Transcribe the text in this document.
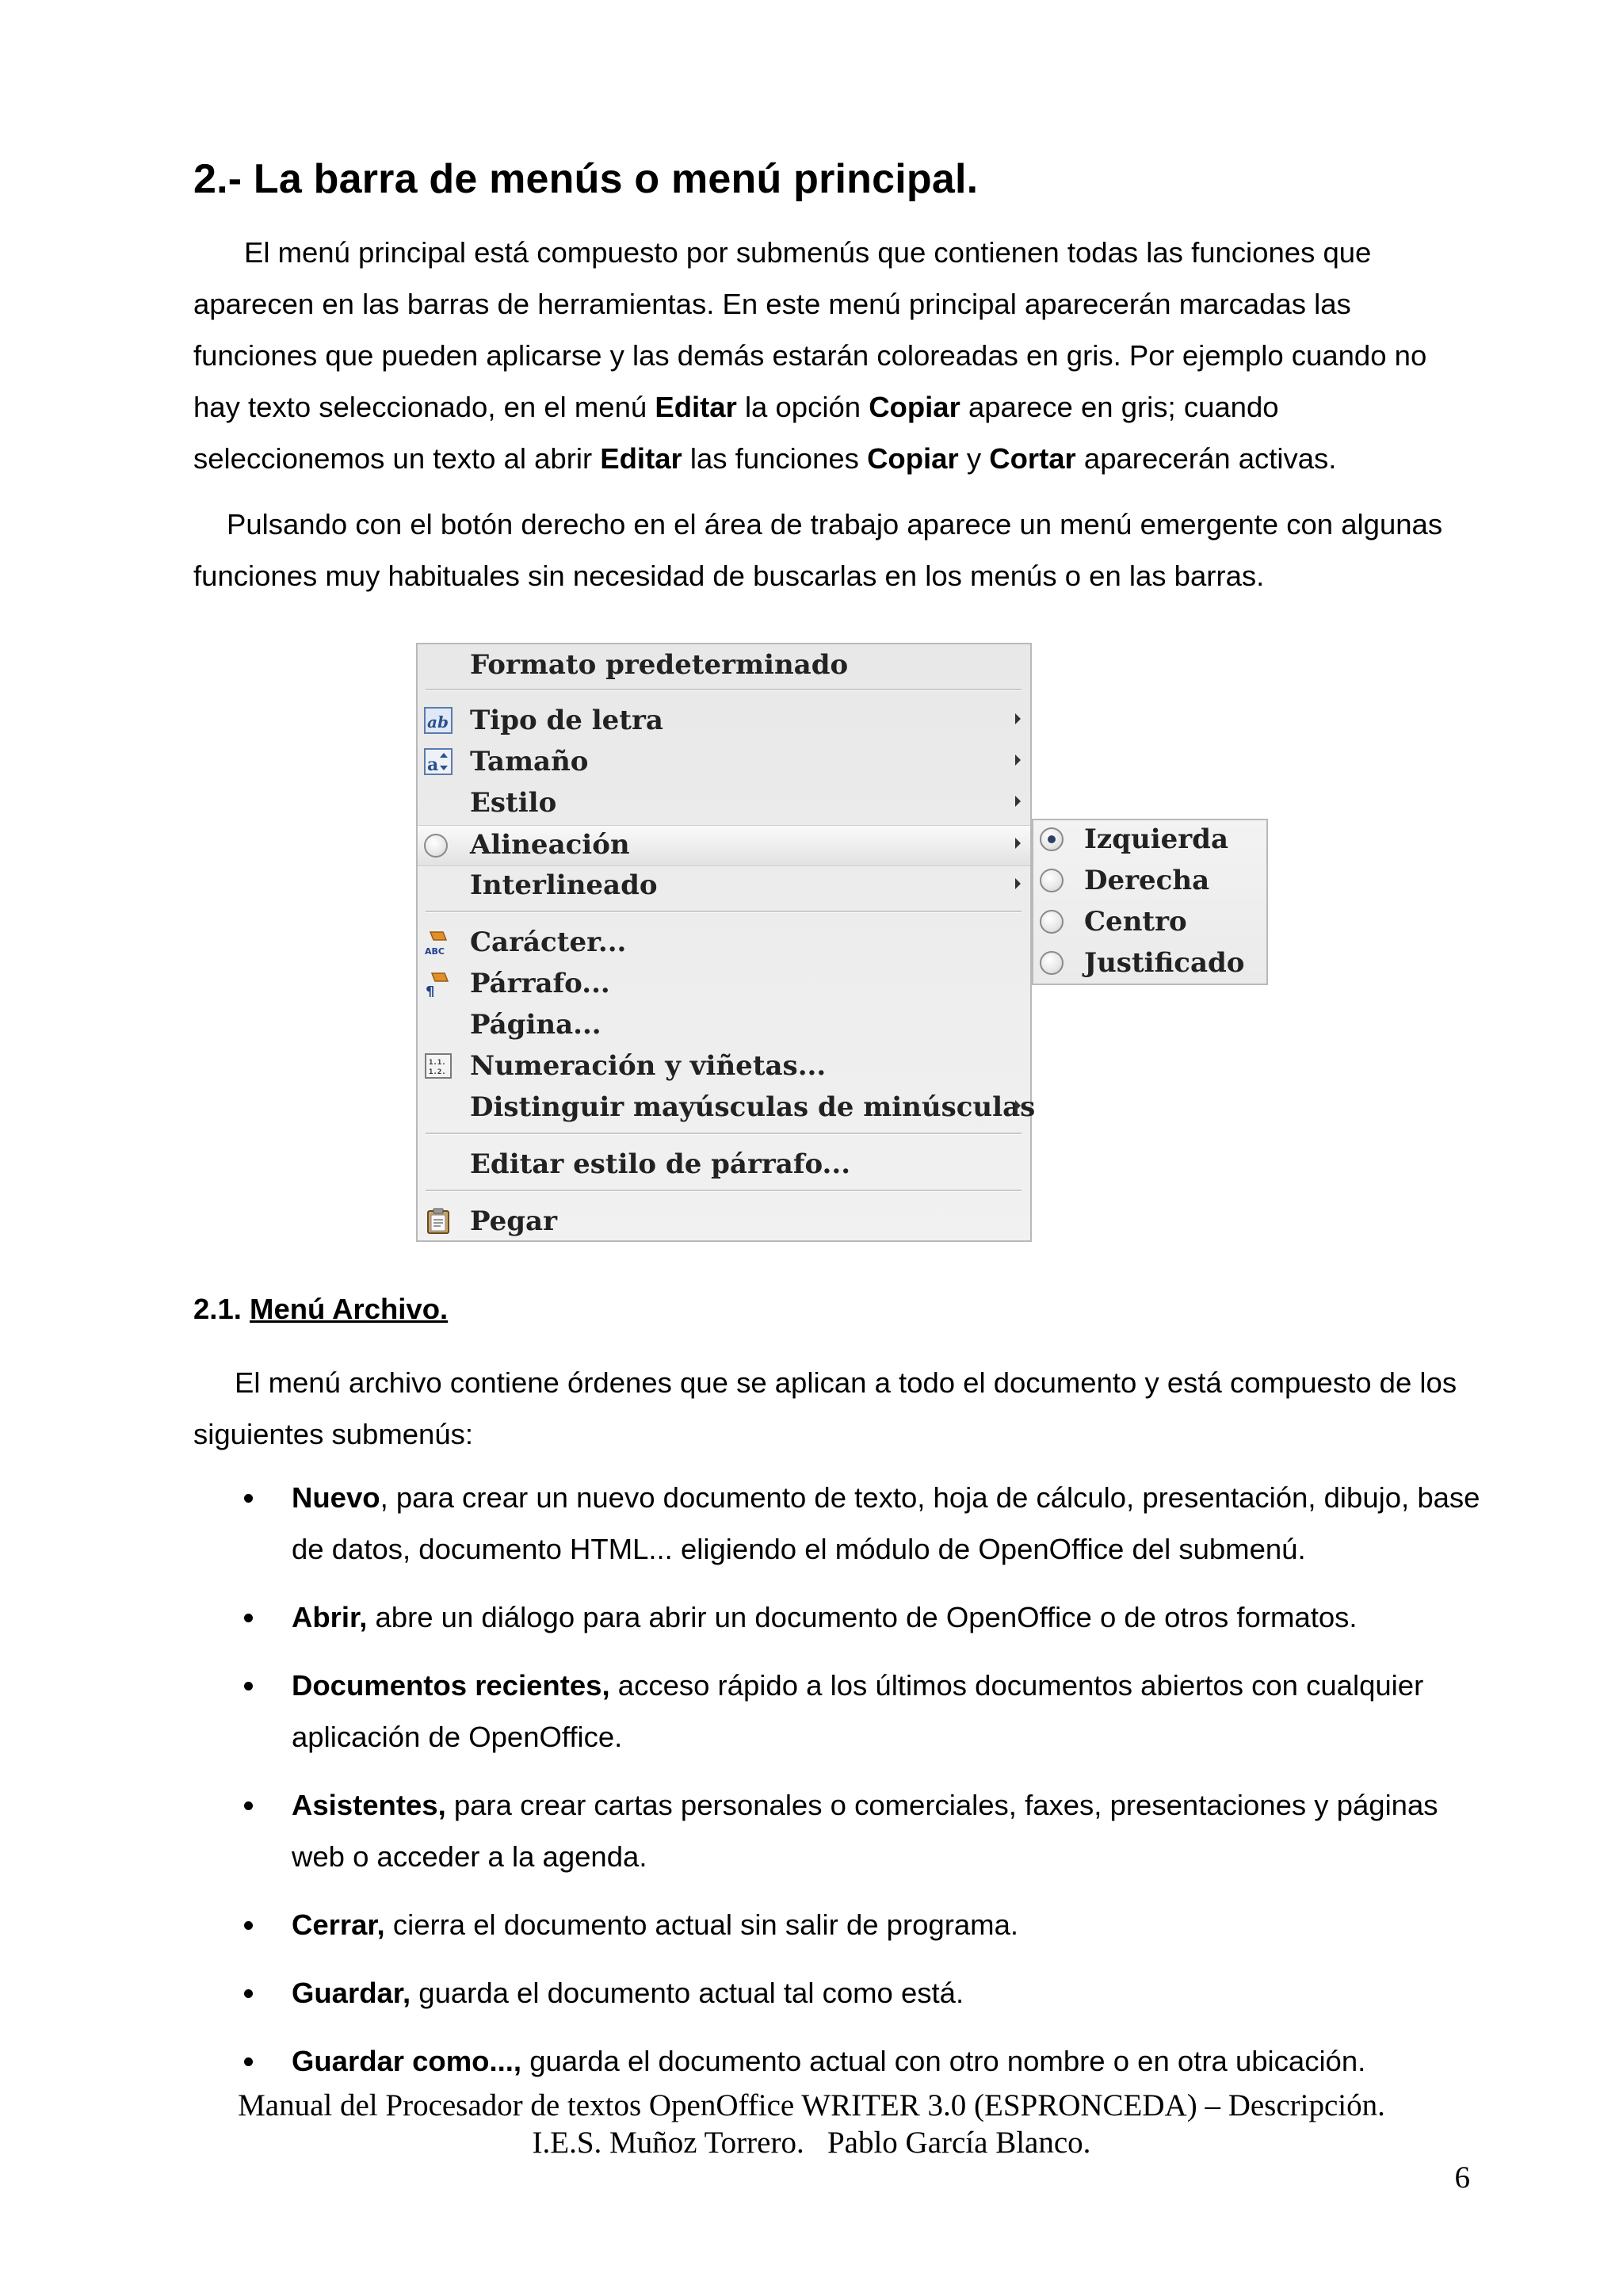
2.- La barra de menús o menú principal.

El menú principal está compuesto por submenús que contienen todas las funciones que aparecen en las barras de herramientas. En este menú principal aparecerán marcadas las funciones que pueden aplicarse y las demás estarán coloreadas en gris. Por ejemplo cuando no hay texto seleccionado, en el menú Editar la opción Copiar aparece en gris; cuando seleccionemos un texto al abrir Editar las funciones Copiar y Cortar aparecerán activas.

Pulsando con el botón derecho en el área de trabajo aparece un menú emergente con algunas funciones muy habituales sin necesidad de buscarlas en los menús o en las barras.

Formato predeterminado
ab Tipo de letra
a Tamaño
Estilo
Alineación
Interlineado
ABC Carácter...
¶ Párrafo...
Página...
1.1.
1.2. Numeración y viñetas...
Distinguir mayúsculas de minúsculas
Editar estilo de párrafo...
Pegar
Izquierda
Derecha
Centro
Justificado
2.1. Menú Archivo.

El menú archivo contiene órdenes que se aplican a todo el documento y está compuesto de los siguientes submenús:

Nuevo, para crear un nuevo documento de texto, hoja de cálculo, presentación, dibujo, base de datos, documento HTML... eligiendo el módulo de OpenOffice del submenú.
Abrir, abre un diálogo para abrir un documento de OpenOffice o de otros formatos.
Documentos recientes, acceso rápido a los últimos documentos abiertos con cualquier aplicación de OpenOffice.
Asistentes, para crear cartas personales o comerciales, faxes, presentaciones y páginas web o acceder a la agenda.
Cerrar, cierra el documento actual sin salir de programa.
Guardar, guarda el documento actual tal como está.
Guardar como..., guarda el documento actual con otro nombre o en otra ubicación.
Manual del Procesador de textos OpenOffice WRITER 3.0 (ESPRONCEDA) – Descripción.
I.E.S. Muñoz Torrero.   Pablo García Blanco.
6
